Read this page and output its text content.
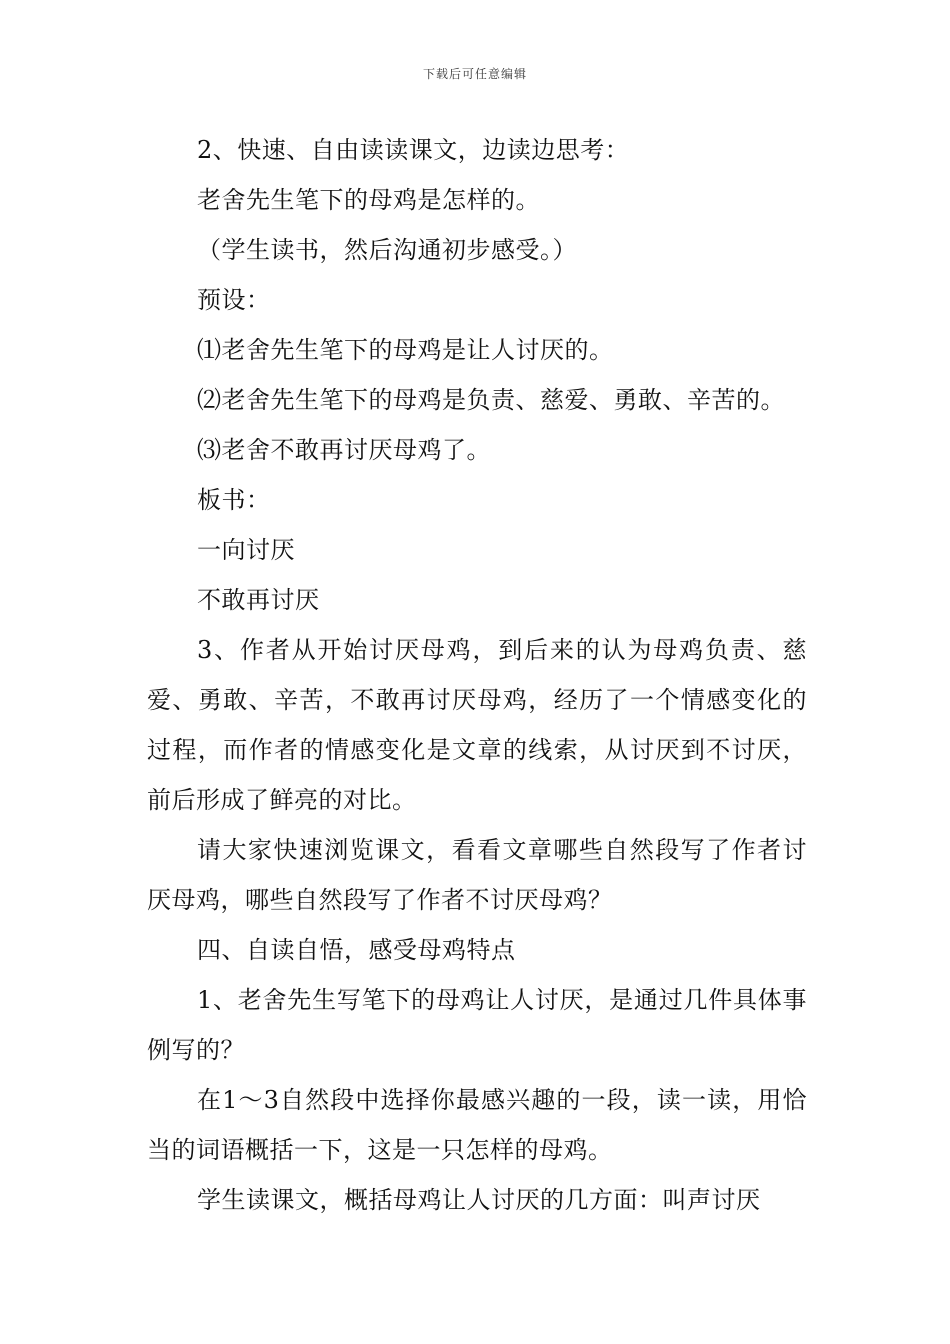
下载后可任意编辑

2、快速、自由读读课文，边读边思考：

老舍先生笔下的母鸡是怎样的。

（学生读书，然后沟通初步感受。）

预设：

⑴老舍先生笔下的母鸡是让人讨厌的。

⑵老舍先生笔下的母鸡是负责、慈爱、勇敢、辛苦的。

⑶老舍不敢再讨厌母鸡了。

板书：

一向讨厌

不敢再讨厌

3、作者从开始讨厌母鸡，到后来的认为母鸡负责、慈爱、勇敢、辛苦，不敢再讨厌母鸡，经历了一个情感变化的过程，而作者的情感变化是文章的线索，从讨厌到不讨厌，前后形成了鲜亮的对比。

请大家快速浏览课文，看看文章哪些自然段写了作者讨厌母鸡，哪些自然段写了作者不讨厌母鸡？

四、自读自悟，感受母鸡特点

1、老舍先生写笔下的母鸡让人讨厌，是通过几件具体事例写的？

在1～3自然段中选择你最感兴趣的一段，读一读，用恰当的词语概括一下，这是一只怎样的母鸡。

学生读课文，概括母鸡让人讨厌的几方面：叫声讨厌
